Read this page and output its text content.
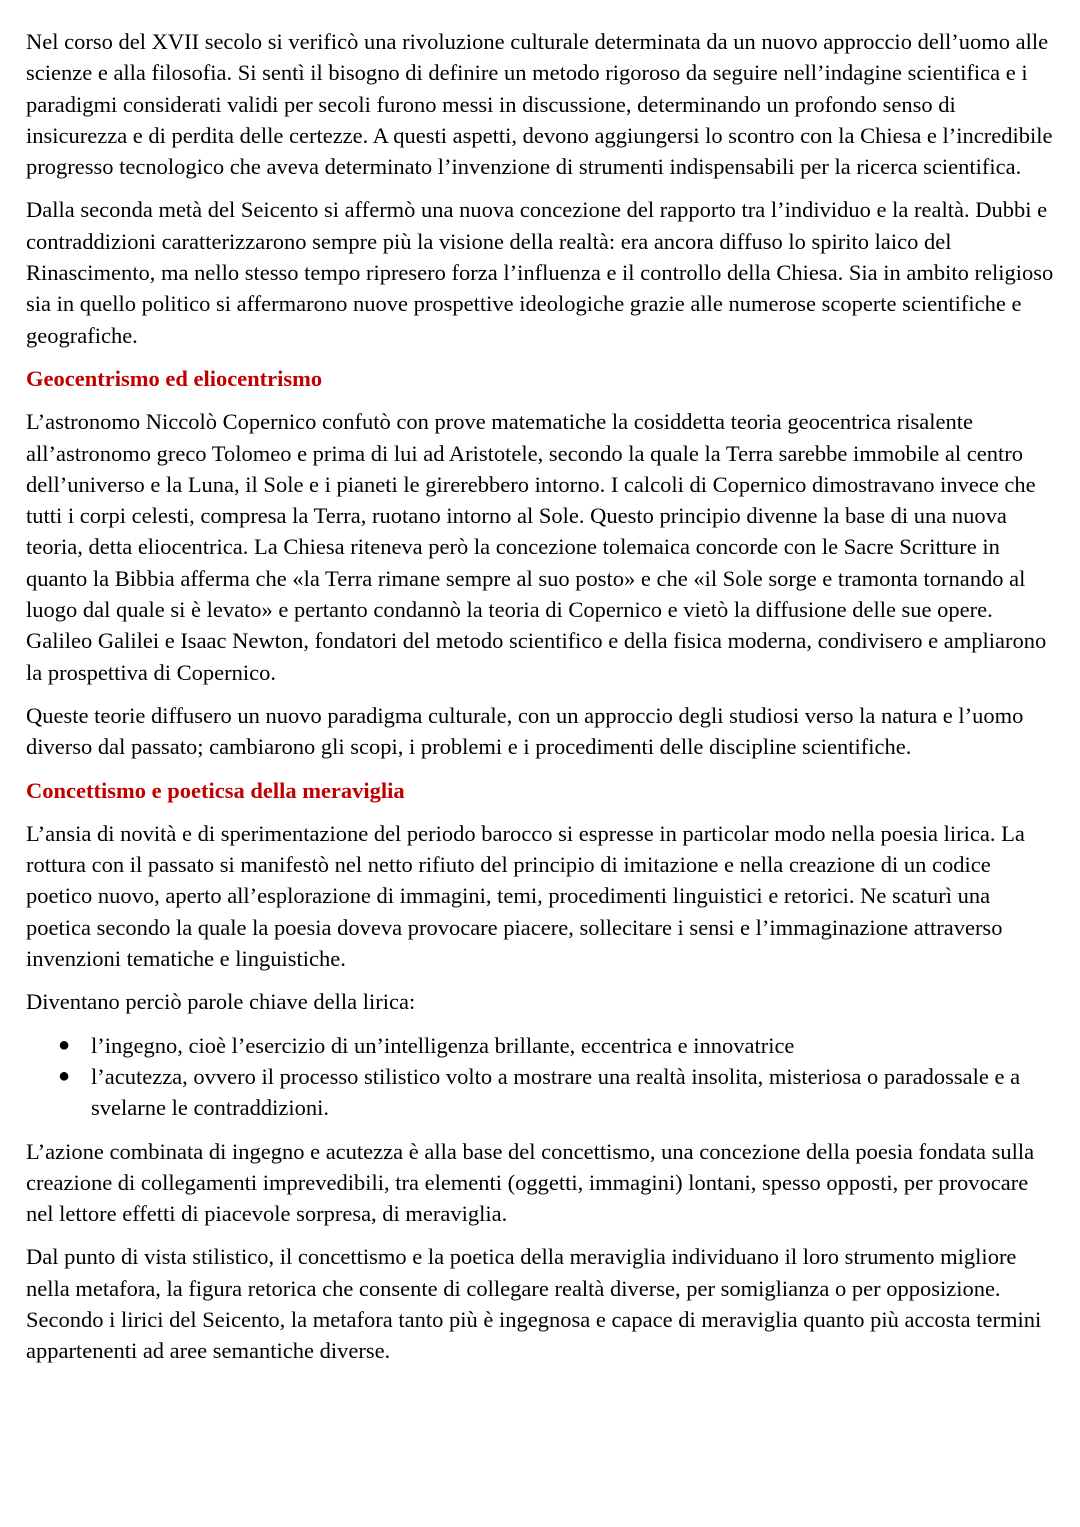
Nel corso del XVII secolo si verificò una rivoluzione culturale determinata da un nuovo approccio dell’uomo alle scienze e alla filosofia. Si sentì il bisogno di definire un metodo rigoroso da seguire nell’indagine scientifica e i paradigmi considerati validi per secoli furono messi in discussione, determinando un profondo senso di insicurezza e di perdita delle certezze. A questi aspetti, devono aggiungersi lo scontro con la Chiesa e l’incredibile progresso tecnologico che aveva determinato l’invenzione di strumenti indispensabili per la ricerca scientifica.

Dalla seconda metà del Seicento si affermò una nuova concezione del rapporto tra l’individuo e la realtà. Dubbi e contraddizioni caratterizzarono sempre più la visione della realtà: era ancora diffuso lo spirito laico del Rinascimento, ma nello stesso tempo ripresero forza l’influenza e il controllo della Chiesa. Sia in ambito religioso sia in quello politico si affermarono nuove prospettive ideologiche grazie alle numerose scoperte scientifiche e geografiche.

Geocentrismo ed eliocentrismo

L’astronomo Niccolò Copernico confutò con prove matematiche la cosiddetta teoria geocentrica risalente all’astronomo greco Tolomeo e prima di lui ad Aristotele, secondo la quale la Terra sarebbe immobile al centro dell’universo e la Luna, il Sole e i pianeti le girerebbero intorno. I calcoli di Copernico dimostravano invece che tutti i corpi celesti, compresa la Terra, ruotano intorno al Sole. Questo principio divenne la base di una nuova teoria, detta eliocentrica. La Chiesa riteneva però la concezione tolemaica concorde con le Sacre Scritture in quanto la Bibbia afferma che «la Terra rimane sempre al suo posto» e che «il Sole sorge e tramonta tornando al luogo dal quale si è levato» e pertanto condannò la teoria di Copernico e vietò la diffusione delle sue opere. Galileo Galilei e Isaac Newton, fondatori del metodo scientifico e della fisica moderna, condivisero e ampliarono la prospettiva di Copernico.

Queste teorie diffusero un nuovo paradigma culturale, con un approccio degli studiosi verso la natura e l’uomo diverso dal passato; cambiarono gli scopi, i problemi e i procedimenti delle discipline scientifiche.

Concettismo e poeticsa della meraviglia

L’ansia di novità e di sperimentazione del periodo barocco si espresse in particolar modo nella poesia lirica. La rottura con il passato si manifestò nel netto rifiuto del principio di imitazione e nella creazione di un codice poetico nuovo, aperto all’esplorazione di immagini, temi, procedimenti linguistici e retorici. Ne scaturì una poetica secondo la quale la poesia doveva provocare piacere, sollecitare i sensi e l’immaginazione attraverso invenzioni tematiche e linguistiche.

Diventano perciò parole chiave della lirica:

● l’ingegno, cioè l’esercizio di un’intelligenza brillante, eccentrica e innovatrice
● l’acutezza, ovvero il processo stilistico volto a mostrare una realtà insolita, misteriosa o paradossale e a svelarne le contraddizioni.

L’azione combinata di ingegno e acutezza è alla base del concettismo, una concezione della poesia fondata sulla creazione di collegamenti imprevedibili, tra elementi (oggetti, immagini) lontani, spesso opposti, per provocare nel lettore effetti di piacevole sorpresa, di meraviglia.

Dal punto di vista stilistico, il concettismo e la poetica della meraviglia individuano il loro strumento migliore nella metafora, la figura retorica che consente di collegare realtà diverse, per somiglianza o per opposizione. Secondo i lirici del Seicento, la metafora tanto più è ingegnosa e capace di meraviglia quanto più accosta termini appartenenti ad aree semantiche diverse.
